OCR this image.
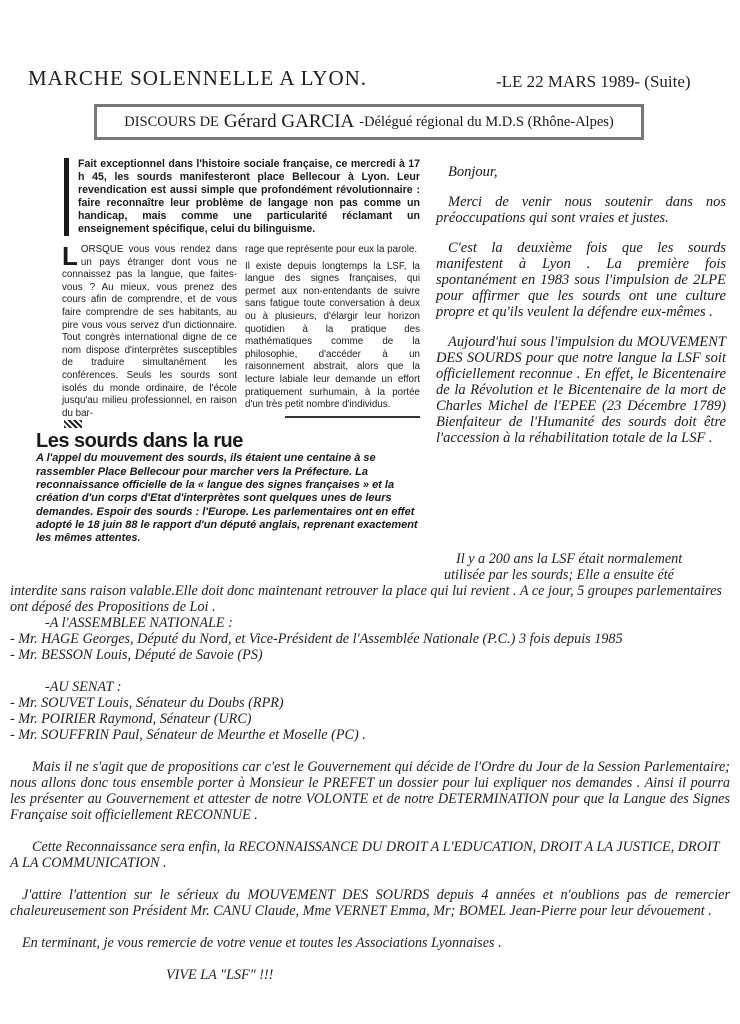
MARCHE SOLENNELLE A LYON.	-LE 22 MARS 1989- (Suite)
DISCOURS DE Gérard GARCIA -Délégué régional du M.D.S (Rhône-Alpes)
Fait exceptionnel dans l'histoire sociale française, ce mercredi à 17 h 45, les sourds manifesteront place Bellecour à Lyon. Leur revendication est aussi simple que profondément révolutionnaire : faire reconnaître leur problème de langage non pas comme un handicap, mais comme une particularité réclamant un enseignement spécifique, celui du bilinguisme.
LORSQUE vous vous rendez dans un pays étranger dont vous ne connaissez pas la langue, que faites-vous ? Au mieux, vous prenez des cours afin de comprendre, et de vous faire comprendre de ses habitants, au pire vous vous servez d'un dictionnaire. Tout congrès international digne de ce nom dispose d'interprètes susceptibles de traduire simultanément les conférences. Seuls les sourds sont isolés du monde ordinaire, de l'école jusqu'au milieu professionnel, en raison du bar-

rage que représente pour eux la parole.

Il existe depuis longtemps la LSF, la langue des signes françaises, qui permet aux non-entendants de suivre sans fatigue toute conversation à deux ou à plusieurs, d'élargir leur horizon quotidien à la pratique des mathématiques comme de la philosophie, d'accéder à un raisonnement abstrait, alors que la lecture labiale leur demande un effort pratiquement surhumain, à la portée d'un très petit nombre d'individus.

Les sourds dans la rue
A l'appel du mouvement des sourds, ils étaient une centaine à se rassembler Place Bellecour pour marcher vers la Préfecture. La reconnaissance officielle de la « langue des signes françaises » et la création d'un corps d'Etat d'interprètes sont quelques unes de leurs demandes. Espoir des sourds : l'Europe. Les parlementaires ont en effet adopté le 18 juin 88 le rapport d'un député anglais, reprenant exactement les mêmes attentes.

Bonjour,

Merci de venir nous soutenir dans nos préoccupations qui sont vraies et justes.

C'est la deuxième fois que les sourds manifestent à Lyon . La première fois spontanément en 1983 sous l'impulsion de 2LPE pour affirmer que les sourds ont une culture propre et qu'ils veulent la défendre eux-mêmes .

Aujourd'hui sous l'impulsion du MOUVEMENT DES SOURDS pour que notre langue la LSF soit officiellement reconnue . En effet, le Bicentenaire de la Révolution et le Bicentenaire de la mort de Charles Michel de l'EPEE (23 Décembre 1789) Bienfaiteur de l'Humanité des sourds doit être l'accession à la réhabilitation totale de la LSF .

Il y a 200 ans la LSF était normalement
utilisée par les sourds; Elle a ensuite été
interdite sans raison valable.Elle doit donc maintenant retrouver la place qui lui revient . A ce jour, 5 groupes parlementaires ont déposé des Propositions de Loi .
-A l'ASSEMBLEE NATIONALE :
- Mr. HAGE Georges, Député du Nord, et Vice-Président de l'Assemblée Nationale (P.C.) 3 fois depuis 1985
- Mr. BESSON Louis, Député de Savoie (PS)
-AU SENAT :
- Mr. SOUVET Louis, Sénateur du Doubs (RPR)
- Mr. POIRIER Raymond, Sénateur (URC)
- Mr. SOUFFRIN Paul, Sénateur de Meurthe et Moselle (PC) .
Mais il ne s'agit que de propositions car c'est le Gouvernement qui décide de l'Ordre du Jour de la Session Parlementaire; nous allons donc tous ensemble porter à Monsieur le PREFET un dossier pour lui expliquer nos demandes . Ainsi il pourra les présenter au Gouvernement et attester de notre VOLONTE et de notre DETERMINATION pour que la Langue des Signes Française soit officiellement RECONNUE .
Cette Reconnaissance sera enfin, la RECONNAISSANCE DU DROIT A L'EDUCATION, DROIT A LA JUSTICE, DROIT A LA COMMUNICATION .
J'attire l'attention sur le sérieux du MOUVEMENT DES SOURDS depuis 4 années et n'oublions pas de remercier chaleureusement son Président Mr. CANU Claude, Mme VERNET Emma, Mr; BOMEL Jean-Pierre pour leur dévouement .
En terminant, je vous remercie de votre venue et toutes les Associations Lyonnaises .
VIVE LA "LSF" !!!
